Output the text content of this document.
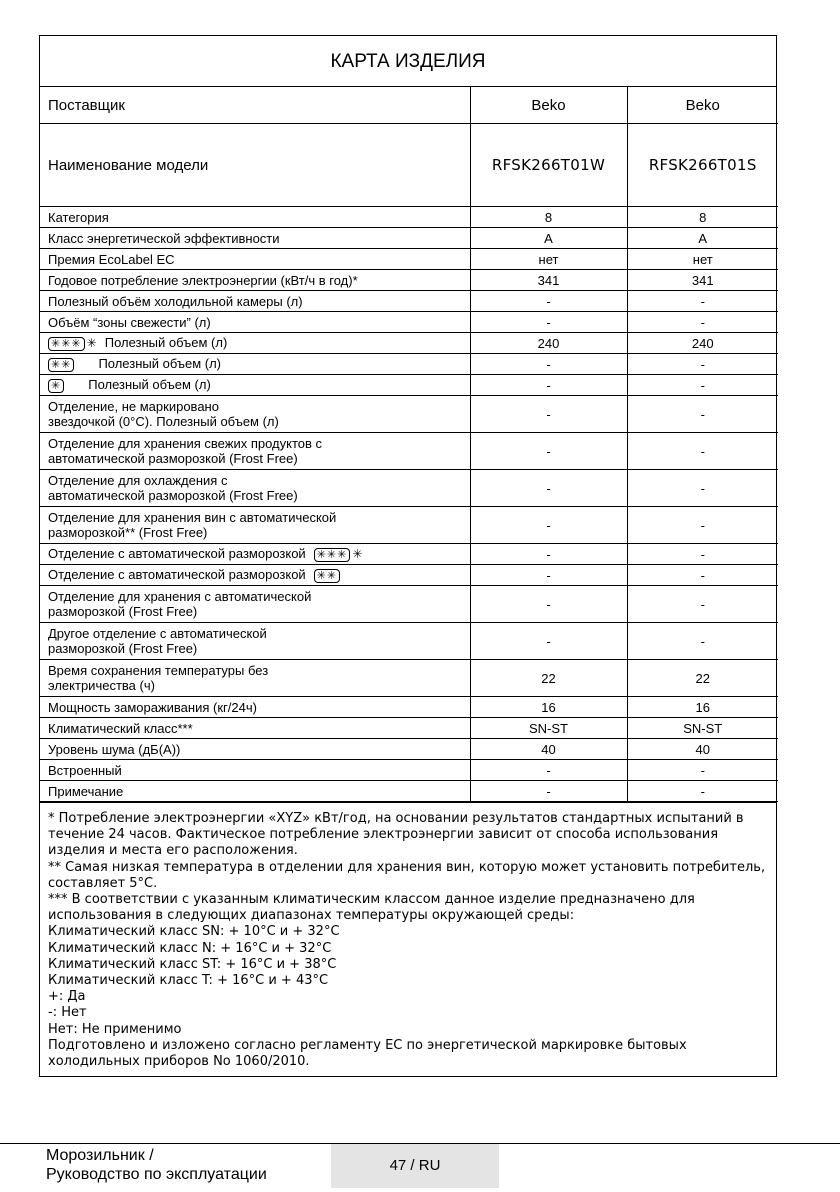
КАРТА ИЗДЕЛИЯ
Поставщик	Beko	Beko
Наименование модели	RFSK266T01W	RFSK266T01S
Категория	8	8
Класс энергетической эффективности	A	A
Премия EcoLabel EC	нет	нет
Годовое потребление электроэнергии (кВт/ч в год)*	341	341
Полезный объём холодильной камеры (л)	-	-
Объём “зоны свежести” (л)	-	-
✳✳✳ ✳ Полезный объем (л)	240	240
✳✳ Полезный объем (л)	-	-
✳ Полезный объем (л)	-	-

Отделение, не маркировано
звездочкой (0°C). Полезный объем (л)	-	-

Отделение для хранения свежих продуктов с
автоматической разморозкой (Frost Free)	-	-

Отделение для охлаждения с
автоматической разморозкой (Frost Free)	-	-

Отделение для хранения вин с автоматической
разморозкой** (Frost Free)	-	-
Отделение с автоматической разморозкой ✳✳✳ ✳	-	-
Отделение с автоматической разморозкой ✳✳	-	-

Отделение для хранения с автоматической
разморозкой (Frost Free)	-	-

Другое отделение с автоматической
разморозкой (Frost Free)	-	-

Время сохранения температуры без
электричества (ч)	22	22
Мощность замораживания (кг/24ч)	16	16
Климатический класс***	SN-ST	SN-ST
Уровень шума (дБ(A))	40	40
Встроенный	-	-
Примечание	-	-
* Потребление электроэнергии «XYZ» кВт/год, на основании результатов стандартных испытаний в течение 24 часов. Фактическое потребление электроэнергии зависит от способа использования изделия и места его расположения.
** Самая низкая температура в отделении для хранения вин, которую может установить потребитель, составляет 5°C.
*** В соответствии с указанным климатическим классом данное изделие предназначено для использования в следующих диапазонах температуры окружающей среды:
Климатический класс SN: + 10°C и + 32°C
Климатический класс N: + 16°C и + 32°C
Климатический класс ST: + 16°C и + 38°C
Климатический класс T: + 16°C и + 43°C
+: Да
-: Нет
Нет: Не применимо
Подготовлено и изложено согласно регламенту ЕС по энергетической маркировке бытовых холодильных приборов No 1060/2010.
Морозильник /
Руководство по эксплуатации
47 / RU
